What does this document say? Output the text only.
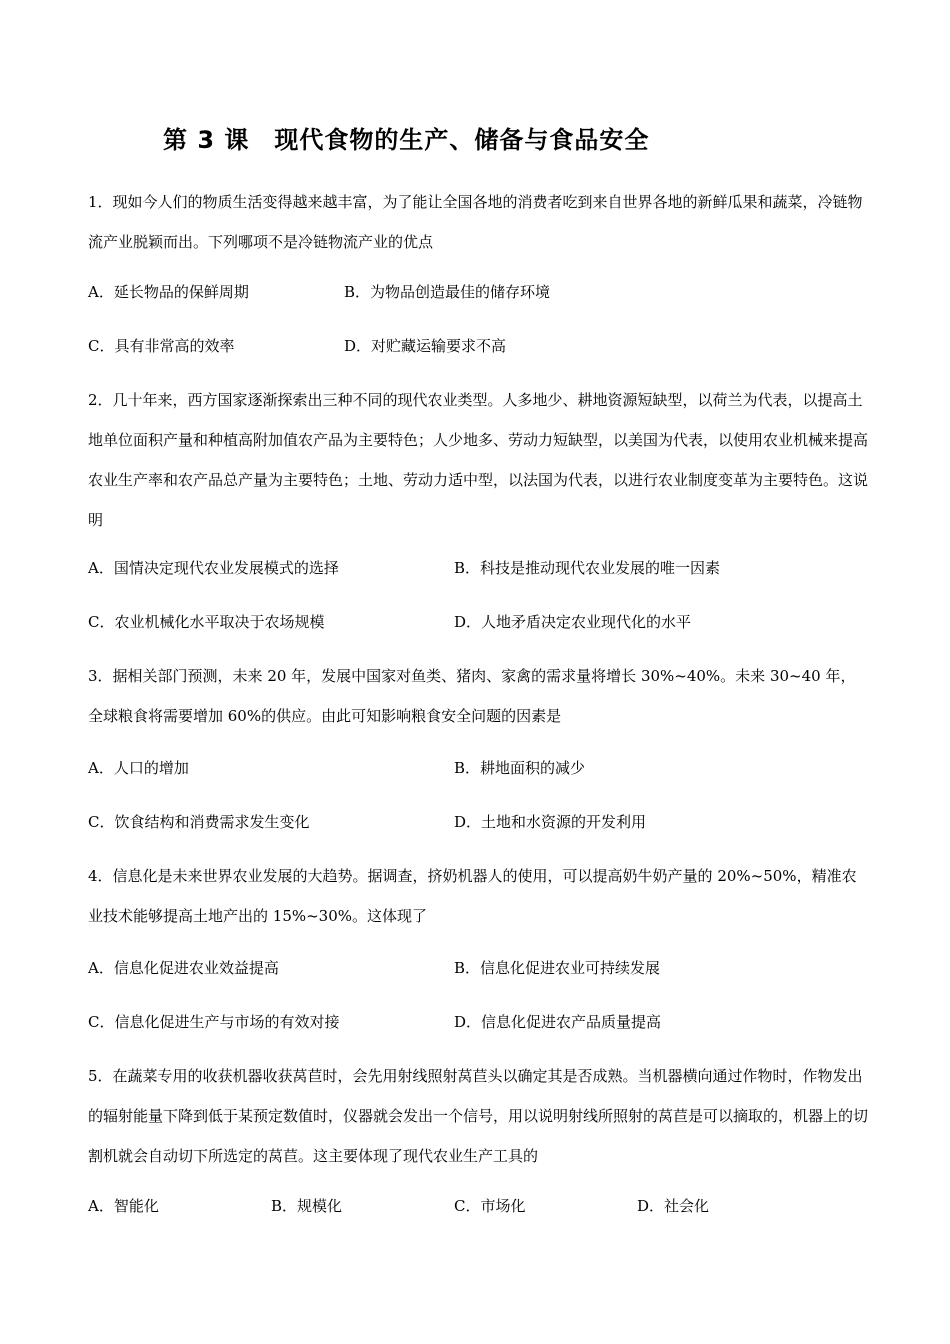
第 3 课　现代食物的生产、储备与食品安全
1．现如今人们的物质生活变得越来越丰富，为了能让全国各地的消费者吃到来自世界各地的新鲜瓜果和蔬菜，冷链物流产业脱颖而出。下列哪项不是冷链物流产业的优点
A．延长物品的保鲜周期	B．为物品创造最佳的储存环境
C．具有非常高的效率	D．对贮藏运输要求不高
2．几十年来，西方国家逐渐探索出三种不同的现代农业类型。人多地少、耕地资源短缺型，以荷兰为代表，以提高土地单位面积产量和种植高附加值农产品为主要特色；人少地多、劳动力短缺型，以美国为代表，以使用农业机械来提高农业生产率和农产品总产量为主要特色；土地、劳动力适中型，以法国为代表，以进行农业制度变革为主要特色。这说明
A．国情决定现代农业发展模式的选择	B．科技是推动现代农业发展的唯一因素
C．农业机械化水平取决于农场规模	D．人地矛盾决定农业现代化的水平
3．据相关部门预测，未来 20 年，发展中国家对鱼类、猪肉、家禽的需求量将增长 30%~40%。未来 30~40 年，全球粮食将需要增加 60%的供应。由此可知影响粮食安全问题的因素是
A．人口的增加	B．耕地面积的减少
C．饮食结构和消费需求发生变化	D．土地和水资源的开发利用
4．信息化是未来世界农业发展的大趋势。据调查，挤奶机器人的使用，可以提高奶牛奶产量的 20%~50%，精准农业技术能够提高土地产出的 15%~30%。这体现了
A．信息化促进农业效益提高	B．信息化促进农业可持续发展
C．信息化促进生产与市场的有效对接	D．信息化促进农产品质量提高
5．在蔬菜专用的收获机器收获莴苣时，会先用射线照射莴苣头以确定其是否成熟。当机器横向通过作物时，作物发出的辐射能量下降到低于某预定数值时，仪器就会发出一个信号，用以说明射线所照射的莴苣是可以摘取的，机器上的切割机就会自动切下所选定的莴苣。这主要体现了现代农业生产工具的
A．智能化	B．规模化	C．市场化	D．社会化
